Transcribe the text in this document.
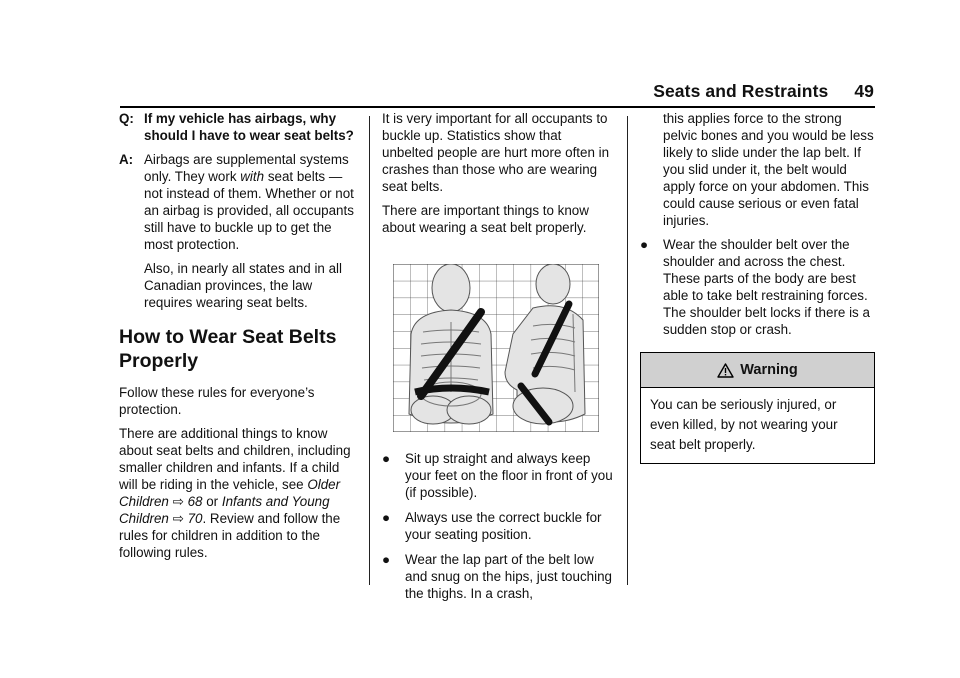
Seats and Restraints 49
Q: If my vehicle has airbags, why should I have to wear seat belts?
A: Airbags are supplemental systems only. They work with seat belts — not instead of them. Whether or not an airbag is provided, all occupants still have to buckle up to get the most protection.

Also, in nearly all states and in all Canadian provinces, the law requires wearing seat belts.

How to Wear Seat Belts Properly

Follow these rules for everyone’s protection.

There are additional things to know about seat belts and children, including smaller children and infants. If a child will be riding in the vehicle, see Older Children ⇨ 68 or Infants and Young Children ⇨ 70. Review and follow the rules for children in addition to the following rules.

It is very important for all occupants to buckle up. Statistics show that unbelted people are hurt more often in crashes than those who are wearing seat belts.

There are important things to know about wearing a seat belt properly.

●	Sit up straight and always keep your feet on the floor in front of you (if possible).
●	Always use the correct buckle for your seating position.
●	Wear the lap part of the belt low and snug on the hips, just touching the thighs. In a crash,

this applies force to the strong pelvic bones and you would be less likely to slide under the lap belt. If you slid under it, the belt would apply force on your abdomen. This could cause serious or even fatal injuries.

●	Wear the shoulder belt over the shoulder and across the chest. These parts of the body are best able to take belt restraining forces. The shoulder belt locks if there is a sudden stop or crash.
Warning
You can be seriously injured, or even killed, by not wearing your seat belt properly.
